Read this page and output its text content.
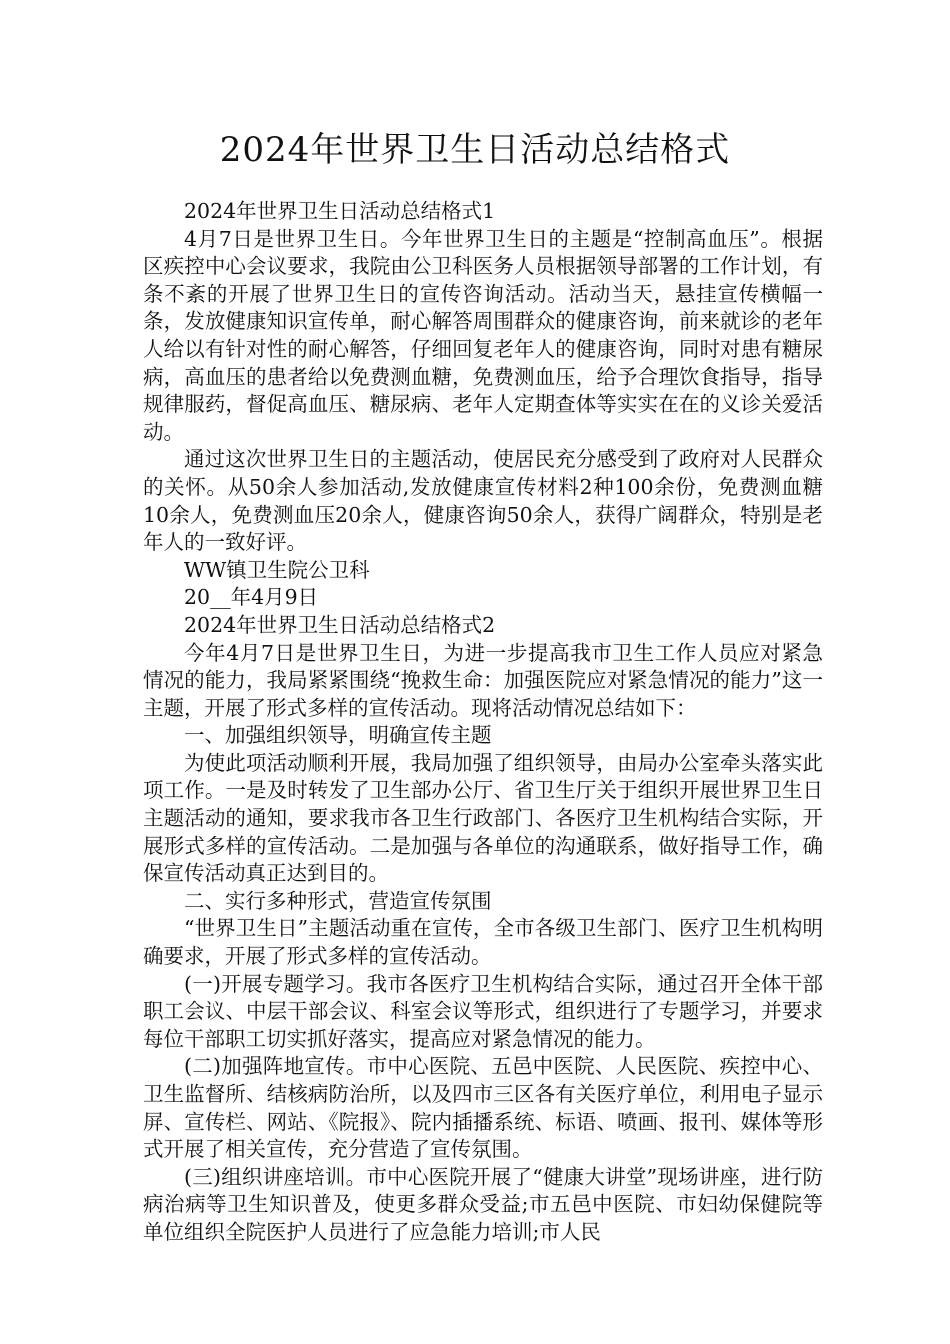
2024年世界卫生日活动总结格式

2024年世界卫生日活动总结格式1

4月7日是世界卫生日。今年世界卫生日的主题是“控制高血压”。根据区疾控中心会议要求，我院由公卫科医务人员根据领导部署的工作计划，有条不紊的开展了世界卫生日的宣传咨询活动。活动当天，悬挂宣传横幅一条，发放健康知识宣传单，耐心解答周围群众的健康咨询，前来就诊的老年人给以有针对性的耐心解答，仔细回复老年人的健康咨询，同时对患有糖尿病，高血压的患者给以免费测血糖，免费测血压，给予合理饮食指导，指导规律服药，督促高血压、糖尿病、老年人定期查体等实实在在的义诊关爱活动。

通过这次世界卫生日的主题活动，使居民充分感受到了政府对人民群众的关怀。从50余人参加活动,发放健康宣传材料2种100余份，免费测血糖10余人，免费测血压20余人，健康咨询50余人，获得广阔群众，特别是老年人的一致好评。

WW镇卫生院公卫科

20__年4月9日

2024年世界卫生日活动总结格式2

今年4月7日是世界卫生日，为进一步提高我市卫生工作人员应对紧急情况的能力，我局紧紧围绕“挽救生命：加强医院应对紧急情况的能力”这一主题，开展了形式多样的宣传活动。现将活动情况总结如下：

一、加强组织领导，明确宣传主题

为使此项活动顺利开展，我局加强了组织领导，由局办公室牵头落实此项工作。一是及时转发了卫生部办公厅、省卫生厅关于组织开展世界卫生日主题活动的通知，要求我市各卫生行政部门、各医疗卫生机构结合实际，开展形式多样的宣传活动。二是加强与各单位的沟通联系，做好指导工作，确保宣传活动真正达到目的。

二、实行多种形式，营造宣传氛围

“世界卫生日”主题活动重在宣传，全市各级卫生部门、医疗卫生机构明确要求，开展了形式多样的宣传活动。

(一)开展专题学习。我市各医疗卫生机构结合实际，通过召开全体干部职工会议、中层干部会议、科室会议等形式，组织进行了专题学习，并要求每位干部职工切实抓好落实，提高应对紧急情况的能力。

(二)加强阵地宣传。市中心医院、五邑中医院、人民医院、疾控中心、卫生监督所、结核病防治所，以及四市三区各有关医疗单位，利用电子显示屏、宣传栏、网站、《院报》、院内插播系统、标语、喷画、报刊、媒体等形式开展了相关宣传，充分营造了宣传氛围。

(三)组织讲座培训。市中心医院开展了“健康大讲堂”现场讲座，进行防病治病等卫生知识普及，使更多群众受益;市五邑中医院、市妇幼保健院等单位组织全院医护人员进行了应急能力培训;市人民
